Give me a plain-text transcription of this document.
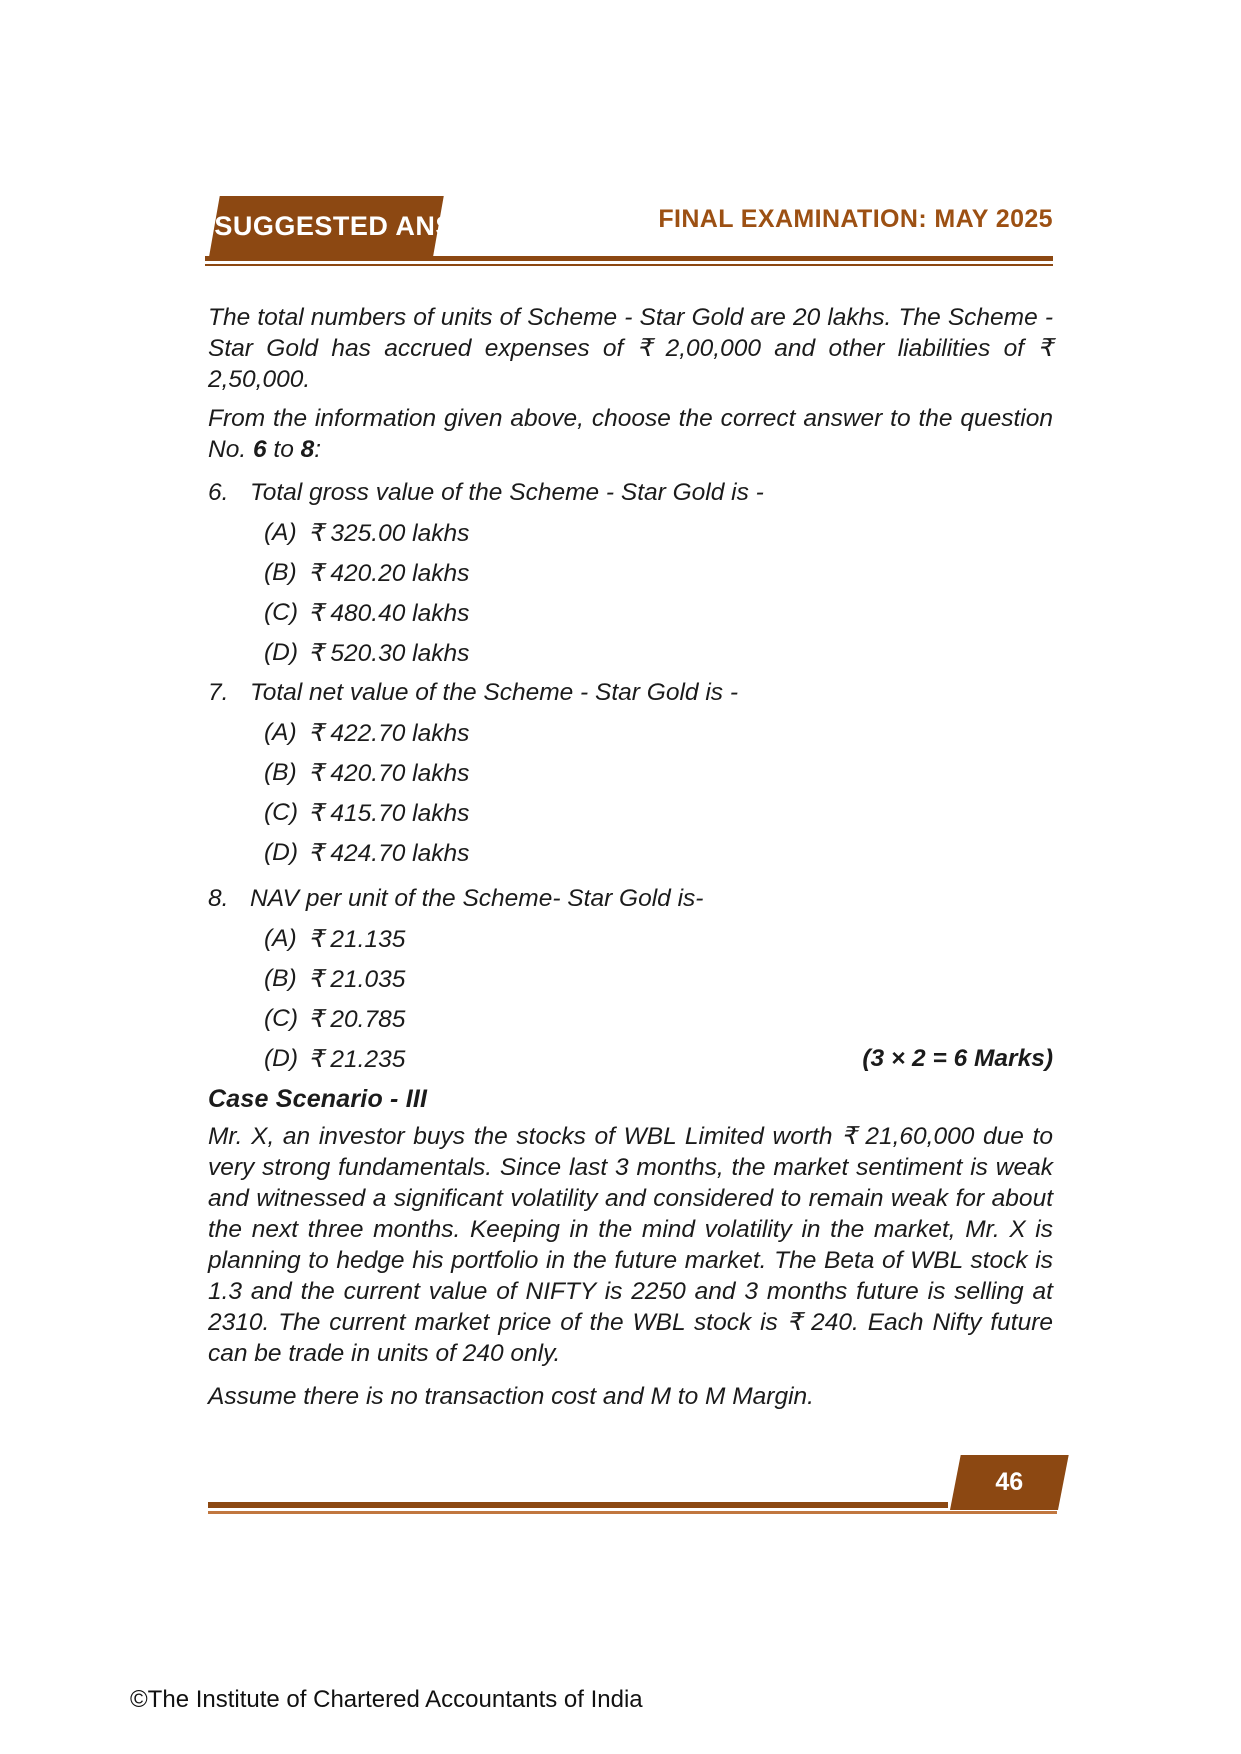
SUGGESTED ANSWER	FINAL EXAMINATION: MAY 2025

The total numbers of units of Scheme - Star Gold are 20 lakhs. The Scheme - Star Gold has accrued expenses of ₹ 2,00,000 and other liabilities of ₹ 2,50,000.

From the information given above, choose the correct answer to the question No. 6 to 8:

6. Total gross value of the Scheme - Star Gold is -
(A) ₹ 325.00 lakhs
(B) ₹ 420.20 lakhs
(C) ₹ 480.40 lakhs
(D) ₹ 520.30 lakhs
7. Total net value of the Scheme - Star Gold is -
(A) ₹ 422.70 lakhs
(B) ₹ 420.70 lakhs
(C) ₹ 415.70 lakhs
(D) ₹ 424.70 lakhs
8. NAV per unit of the Scheme- Star Gold is-
(A) ₹ 21.135
(B) ₹ 21.035
(C) ₹ 20.785
(D) ₹ 21.235	(3 × 2 = 6 Marks)
Case Scenario - III

Mr. X, an investor buys the stocks of WBL Limited worth ₹ 21,60,000 due to very strong fundamentals. Since last 3 months, the market sentiment is weak and witnessed a significant volatility and considered to remain weak for about the next three months. Keeping in the mind volatility in the market, Mr. X is planning to hedge his portfolio in the future market. The Beta of WBL stock is 1.3 and the current value of NIFTY is 2250 and 3 months future is selling at 2310. The current market price of the WBL stock is ₹ 240. Each Nifty future can be trade in units of 240 only.

Assume there is no transaction cost and M to M Margin.

46
©The Institute of Chartered Accountants of India
